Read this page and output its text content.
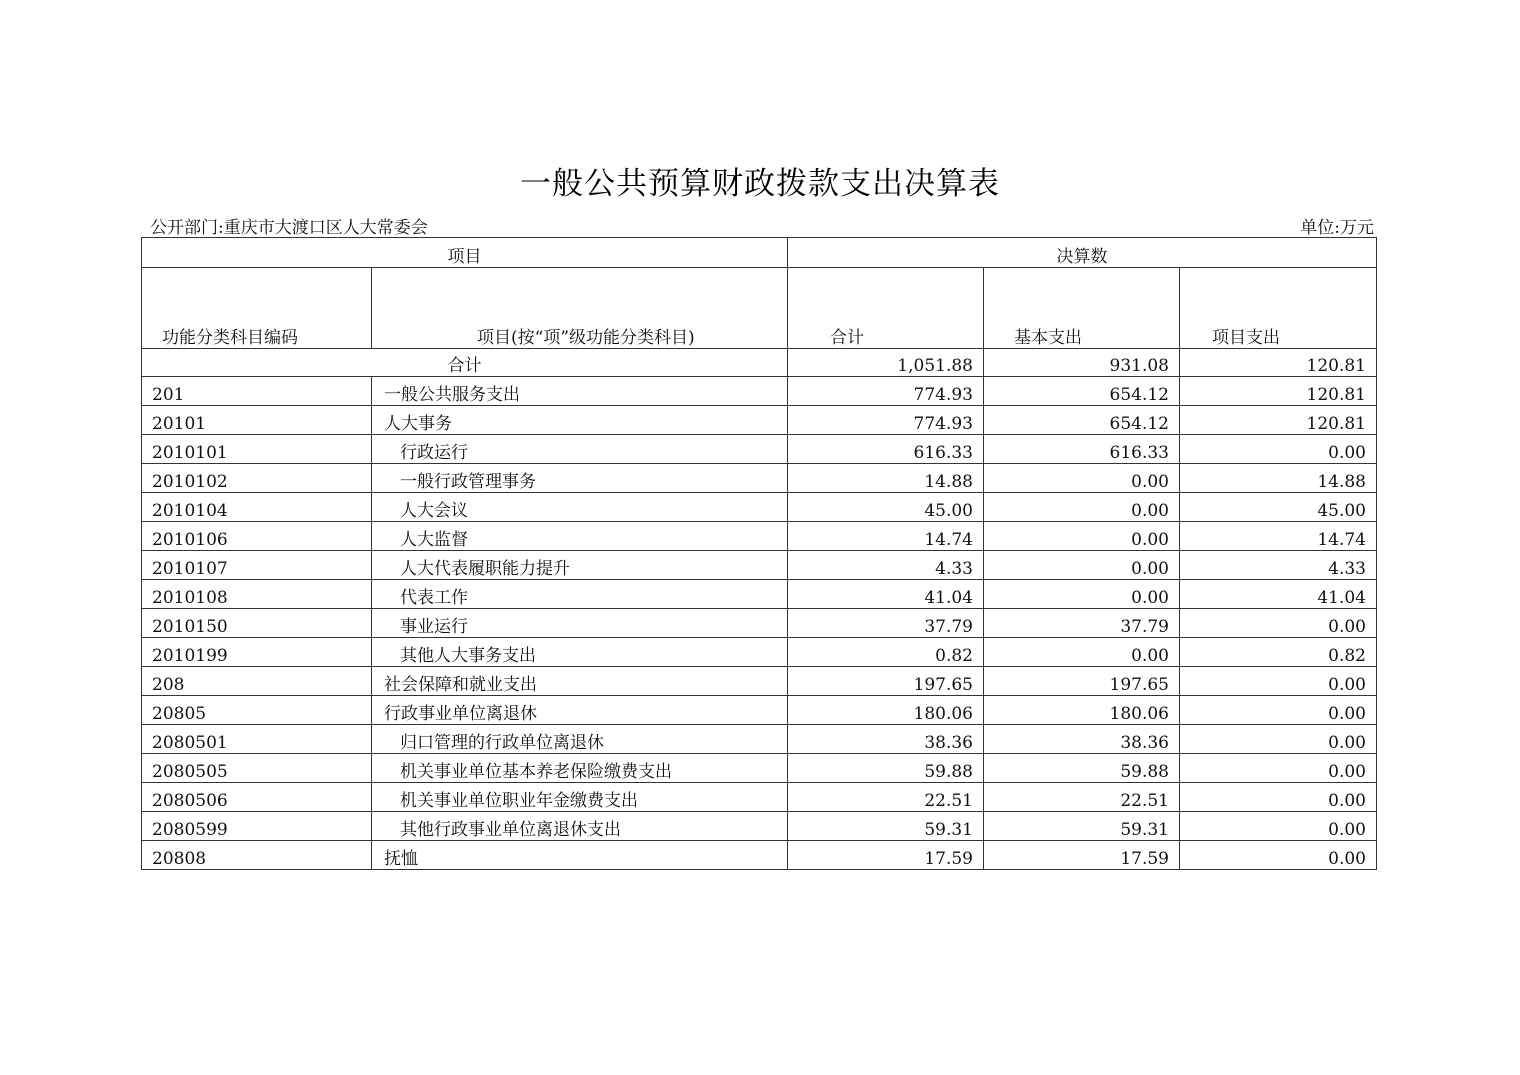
一般公共预算财政拨款支出决算表
公开部门:重庆市大渡口区人大常委会	单位:万元
项目		决算数		
功能分类科目编码	项目(按“项”级功能分类科目)	合计	基本支出	项目支出
合计		1,051.88	931.08	120.81
201	一般公共服务支出	774.93	654.12	120.81
20101	人大事务	774.93	654.12	120.81
2010101	行政运行	616.33	616.33	0.00
2010102	一般行政管理事务	14.88	0.00	14.88
2010104	人大会议	45.00	0.00	45.00
2010106	人大监督	14.74	0.00	14.74
2010107	人大代表履职能力提升	4.33	0.00	4.33
2010108	代表工作	41.04	0.00	41.04
2010150	事业运行	37.79	37.79	0.00
2010199	其他人大事务支出	0.82	0.00	0.82
208	社会保障和就业支出	197.65	197.65	0.00
20805	行政事业单位离退休	180.06	180.06	0.00
2080501	归口管理的行政单位离退休	38.36	38.36	0.00
2080505	机关事业单位基本养老保险缴费支出	59.88	59.88	0.00
2080506	机关事业单位职业年金缴费支出	22.51	22.51	0.00
2080599	其他行政事业单位离退休支出	59.31	59.31	0.00
20808	抚恤	17.59	17.59	0.00
